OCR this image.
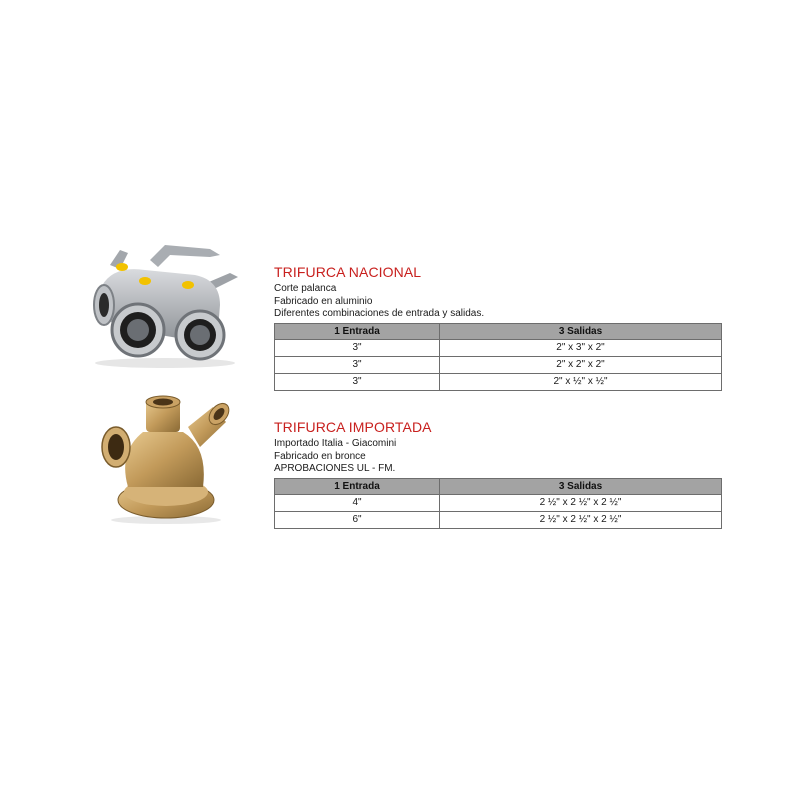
TRIFURCA NACIONAL
Corte palanca
Fabricado en aluminio
Diferentes combinaciones de entrada y salidas.
1 Entrada	3 Salidas
3"	2" x 3" x 2"
3"	2" x 2" x 2"
3"	2" x ½" x ½"
TRIFURCA IMPORTADA
Importado Italia - Giacomini
Fabricado en bronce
APROBACIONES UL - FM.
1 Entrada	3 Salidas
4"	2 ½" x 2 ½" x 2 ½"
6"	2 ½" x 2 ½" x 2 ½"
